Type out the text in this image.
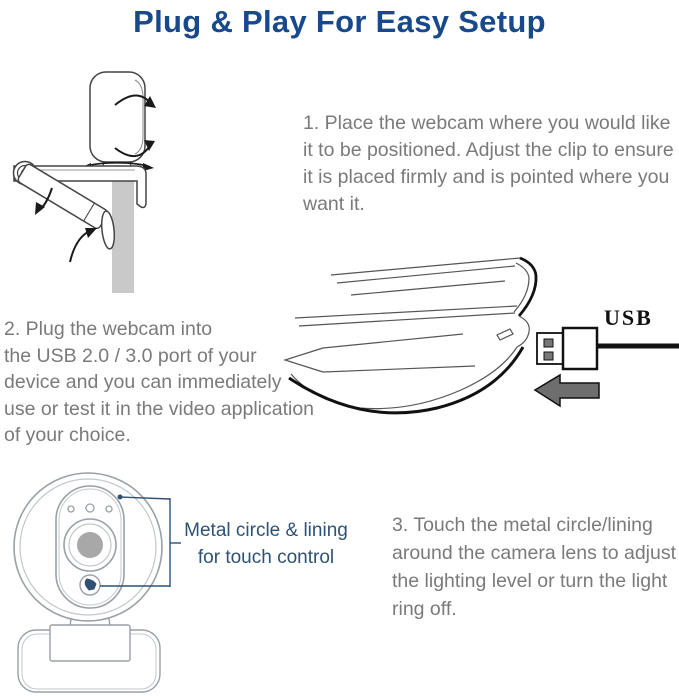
Plug & Play For Easy Setup
1. Place the webcam where you would like
it to be positioned. Adjust the clip to ensure
it is placed firmly and is pointed where you
want it.
USB
2. Plug the webcam into
the USB 2.0 / 3.0 port of your
device and you can immediately
use or test it in the video application
of your choice.
Metal circle & lining
for touch control
3. Touch the metal circle/lining
around the camera lens to adjust
the lighting level or turn the light
ring off.
